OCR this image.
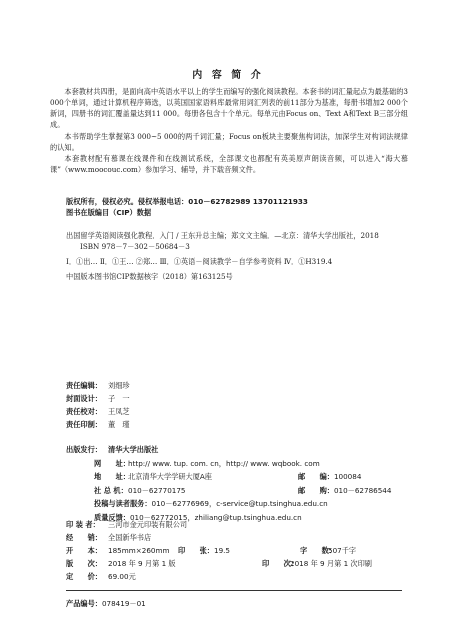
内 容 简 介

本套教材共四册，是面向高中英语水平以上的学生而编写的强化阅读教程。本套书的词汇量起点为最基础的3 000个单词，通过计算机程序筛选，以英国国家语料库最常用词汇列表的前11部分为基准，每册书增加2 000个新词，四册书的词汇覆盖量达到11 000。每册各包含十个单元。每单元由Focus on、Text A和Text B三部分组成。

本书帮助学生掌握第3 000~5 000的两千词汇量；Focus on板块主要聚焦构词法，加深学生对构词法规律的认知。

本套教材配有慕课在线课件和在线测试系统，全部课文也都配有英美原声朗读音频，可以进入“海大慕课”（www.moocouc.com）参加学习、辅导，并下载音频文件。

版权所有，侵权必究。侵权举报电话：010－62782989 13701121933
图书在版编目（CIP）数据
出国留学英语阅读强化教程．入门 / 王东升总主编；郑文文主编．—北京：清华大学出版社，2018
ISBN 978－7－302－50684－3
Ⅰ．①出… Ⅱ．①王… ②郑… Ⅲ．①英语－阅读教学－自学参考资料 Ⅳ．①H319.4
中国版本图书馆CIP数据核字（2018）第163125号
责任编辑： 刘细珍
封面设计： 子　一
责任校对： 王凤芝
责任印制： 董　瑾
出版发行： 清华大学出版社
网　　址：http:// www. tup. com. cn，http:// www. wqbook. com
地　　址：北京清华大学学研大厦A座	邮　　编：100084
社 总 机：010－62770175	邮　　购：010－62786544
投稿与读者服务：010－62776969，c-service@tup.tsinghua.edu.cn
质量反馈：010－62772015，zhiliang@tup.tsinghua.edu.cn
印 装 者： 三河市金元印装有限公司
经　　销： 全国新华书店
开　　本： 185mm×260mm 印　　张：19.5	字　　数：507千字
版　　次： 2018 年 9 月第 1 版	印　　次：2018 年 9 月第 1 次印刷
定　　价： 69.00元
产品编号：078419－01
